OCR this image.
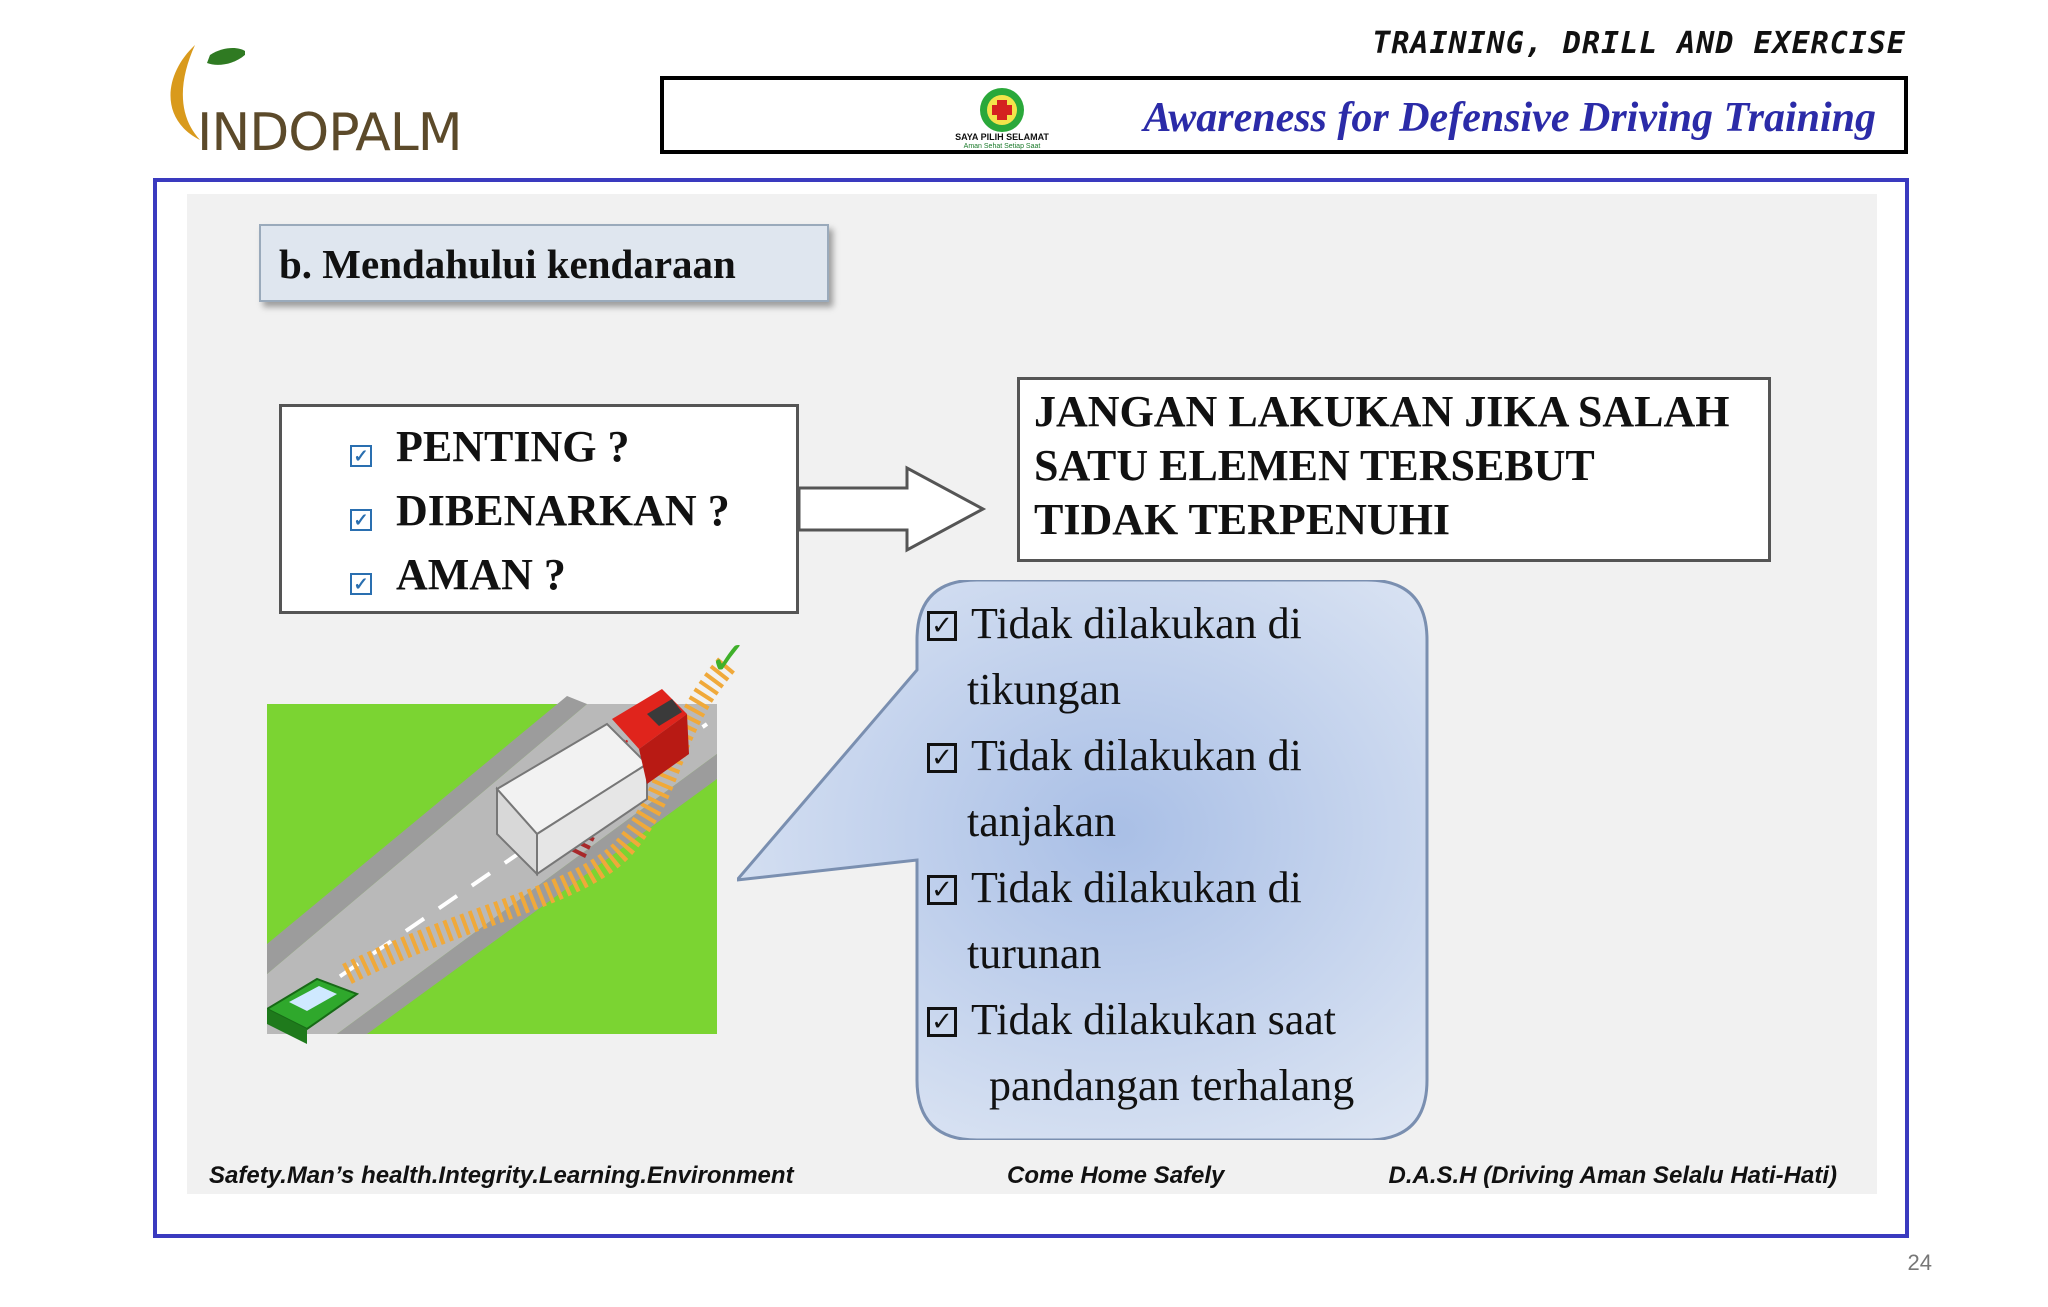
INDOPALM
TRAINING, DRILL AND EXERCISE
SAYA PILIH SELAMAT
Aman Sehat Setiap Saat
Awareness for Defensive Driving Training
b. Mendahului kendaraan
✓ PENTING ?
✓ DIBENARKAN ?
✓ AMAN ?
JANGAN LAKUKAN JIKA SALAH
SATU ELEMEN TERSEBUT
TIDAK TERPENUHI
✓
✓ Tidak dilakukan di
tikungan
✓ Tidak dilakukan di
tanjakan
✓ Tidak dilakukan di
turunan
✓ Tidak dilakukan saat
pandangan terhalang
Safety.Man’s health.Integrity.Learning.Environment	Come Home Safely	D.A.S.H (Driving Aman Selalu Hati-Hati)
24
